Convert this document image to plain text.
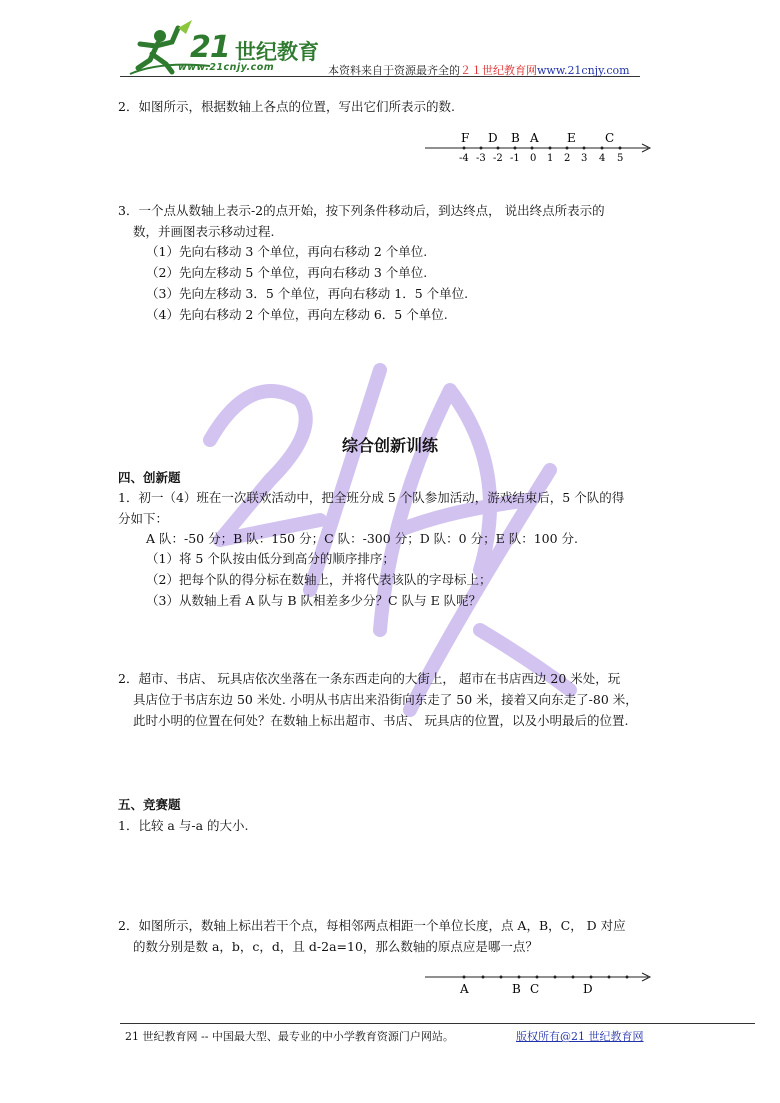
21 世纪教育
www.21cnjy.com	本资料来自于资源最齐全的２１世纪教育网www.21cnjy.com
2．如图所示，根据数轴上各点的位置，写出它们所表示的数.
F D B A E C
-4 -3 -2 -1 0 1 2 3 4 5
3．一个点从数轴上表示-2的点开始，按下列条件移动后，到达终点， 说出终点所表示的
数，并画图表示移动过程.
（1）先向右移动 3 个单位，再向右移动 2 个单位.
（2）先向左移动 5 个单位，再向右移动 3 个单位.
（3）先向左移动 3．5 个单位，再向右移动 1．5 个单位.
（4）先向右移动 2 个单位，再向左移动 6．5 个单位.
综合创新训练
四、创新题
1．初一（4）班在一次联欢活动中，把全班分成 5 个队参加活动，游戏结束后，5 个队的得
分如下：
A 队：-50 分；B 队：150 分；C 队：-300 分；D 队：0 分；E 队：100 分.
（1）将 5 个队按由低分到高分的顺序排序；
（2）把每个队的得分标在数轴上，并将代表该队的字母标上；
（3）从数轴上看 A 队与 B 队相差多少分？C 队与 E 队呢？
2．超市、书店、 玩具店依次坐落在一条东西走向的大街上， 超市在书店西边 20 米处，玩
具店位于书店东边 50 米处. 小明从书店出来沿街向东走了 50 米，接着又向东走了-80 米，
此时小明的位置在何处？在数轴上标出超市、书店、 玩具店的位置，以及小明最后的位置.
五、竞赛题
1．比较 a 与-a 的大小.
2．如图所示，数轴上标出若干个点，每相邻两点相距一个单位长度，点 A，B，C， D 对应
的数分别是数 a，b，c，d，且 d-2a=10，那么数轴的原点应是哪一点？
A	B C	D
21 世纪教育网 -- 中国最大型、最专业的中小学教育资源门户网站。	版权所有@21 世纪教育网
